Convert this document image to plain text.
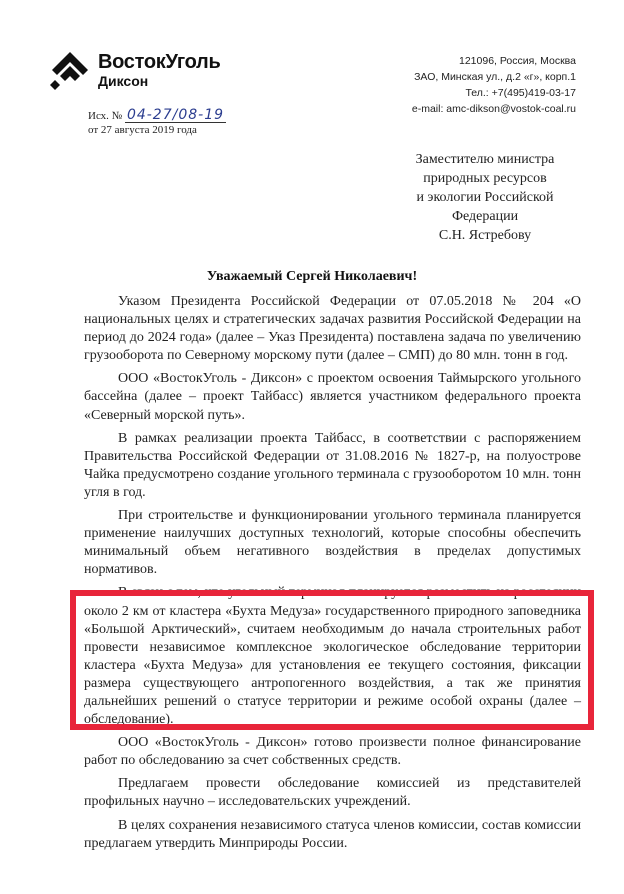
ВостокУголь
Диксон
121096, Россия, Москва
ЗАО, Минская ул., д.2 «г», корп.1
Тел.: +7(495)419-03-17
e-mail: amc-dikson@vostok-coal.ru
Исх. № 04-27/08-19
от 27 августа 2019 года
Заместителю министра
природных ресурсов
и экологии Российской
Федерации
С.Н. Ястребову
Уважаемый Сергей Николаевич!

Указом Президента Российской Федерации от 07.05.2018 № 204 «О национальных целях и стратегических задачах развития Российской Федерации на период до 2024 года» (далее – Указ Президента) поставлена задача по увеличению грузооборота по Северному морскому пути (далее – СМП) до 80 млн. тонн в год.

ООО «ВостокУголь - Диксон» с проектом освоения Таймырского угольного бассейна (далее – проект Тайбасс) является участником федерального проекта «Северный морской путь».

В рамках реализации проекта Тайбасс, в соответствии с распоряжением Правительства Российской Федерации от 31.08.2016 № 1827-р, на полуострове Чайка предусмотрено создание угольного терминала с грузооборотом 10 млн. тонн угля в год.

При строительстве и функционировании угольного терминала планируется применение наилучших доступных технологий, которые способны обеспечить минимальный объем негативного воздействия в пределах допустимых нормативов.

В связи с тем, что угольный терминал планируется разместить на расстоянии около 2 км от кластера «Бухта Медуза» государственного природного заповедника «Большой Арктический», считаем необходимым до начала строительных работ провести независимое комплексное экологическое обследование территории кластера «Бухта Медуза» для установления ее текущего состояния, фиксации размера существующего антропогенного воздействия, а так же принятия дальнейших решений о статусе территории и режиме особой охраны (далее – обследование).

ООО «ВостокУголь - Диксон» готово произвести полное финансирование работ по обследованию за счет собственных средств.

Предлагаем провести обследование комиссией из представителей профильных научно – исследовательских учреждений.

В целях сохранения независимого статуса членов комиссии, состав комиссии предлагаем утвердить Минприроды России.
